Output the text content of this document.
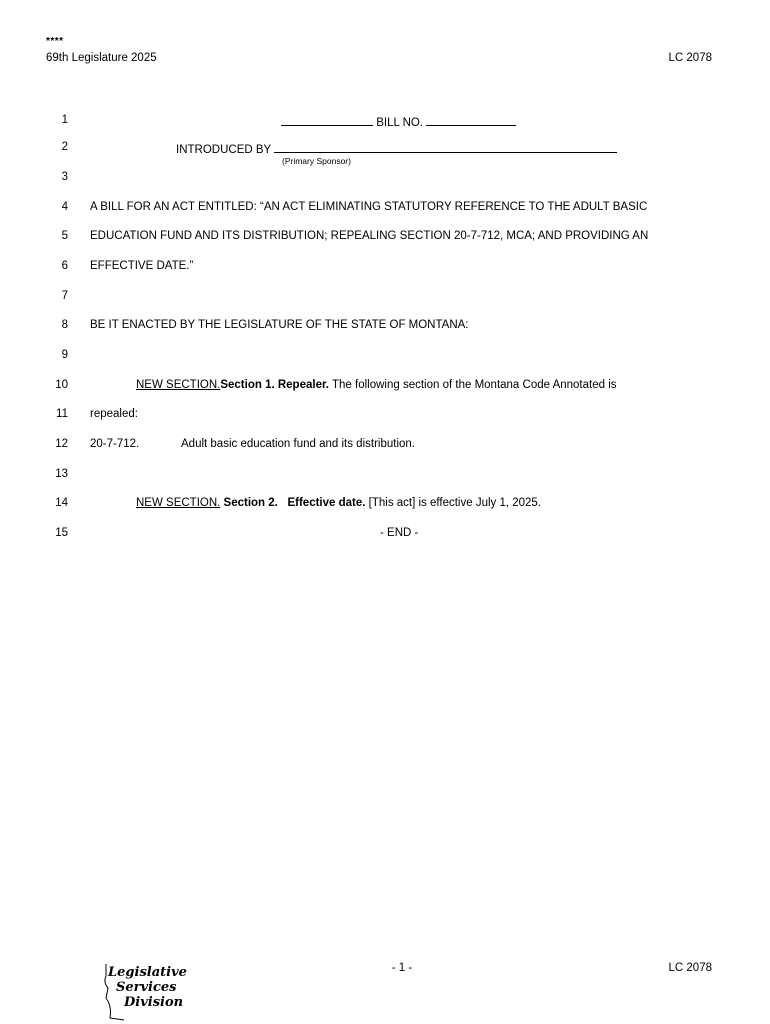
****
69th Legislature 2025	LC 2078
1
2
3
4
5
6
7
8
9
10
11
12
13
14
15
BILL NO.
INTRODUCED BY
(Primary Sponsor)
A BILL FOR AN ACT ENTITLED: “AN ACT ELIMINATING STATUTORY REFERENCE TO THE ADULT BASIC
EDUCATION FUND AND ITS DISTRIBUTION; REPEALING SECTION 20-7-712, MCA; AND PROVIDING AN
EFFECTIVE DATE.”
BE IT ENACTED BY THE LEGISLATURE OF THE STATE OF MONTANA:
NEW SECTION.Section 1. Repealer. The following section of the Montana Code Annotated is
repealed:
20-7-712.	Adult basic education fund and its distribution.
NEW SECTION. Section 2. Effective date. [This act] is effective July 1, 2025.
- END -
Legislative
Services
Division
- 1 -	LC 2078
